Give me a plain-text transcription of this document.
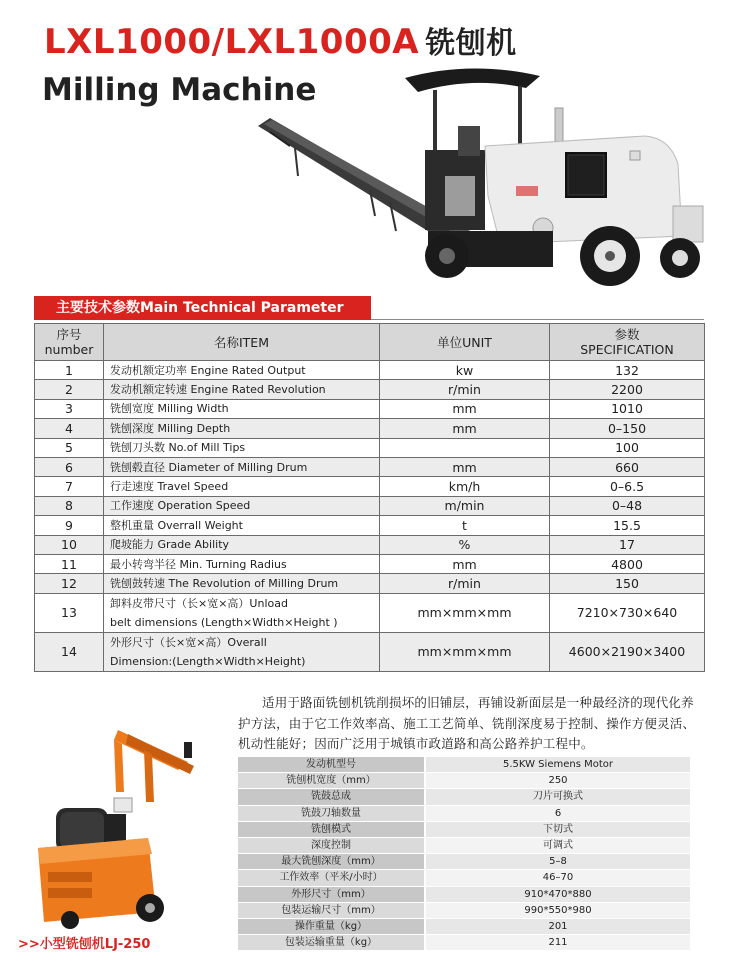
LXL1000/LXL1000A 铣刨机
Milling Machine
主要技术参数Main Technical Parameter
序号
number	名称ITEM	单位UNIT	参数
SPECIFICATION
1	发动机额定功率 Engine Rated Output	kw	132
2	发动机额定转速 Engine Rated Revolution	r/min	2200
3	铣刨宽度 Milling Width	mm	1010
4	铣刨深度 Milling Depth	mm	0–150
5	铣刨刀头数 No.of Mill Tips		100
6	铣刨毂直径 Diameter of Milling Drum	mm	660
7	行走速度 Travel Speed	km/h	0–6.5
8	工作速度 Operation Speed	m/min	0–48
9	整机重量 Overrall Weight	t	15.5
10	爬坡能力 Grade Ability	%	17
11	最小转弯半径 Min. Turning Radius	mm	4800
12	铣刨鼓转速 The Revolution of Milling Drum	r/min	150
13	卸料皮带尺寸（长×宽×高）Unload
belt dimensions (Length×Width×Height )	mm×mm×mm	7210×730×640
14	外形尺寸（长×宽×高）Overall
Dimension:(Length×Width×Height)	mm×mm×mm	4600×2190×3400
适用于路面铣刨机铣削损坏的旧铺层，再铺设新面层是一种最经济的现代化养护方法，由于它工作效率高、施工工艺简单、铣削深度易于控制、操作方便灵活、机动性能好；因而广泛用于城镇市政道路和高公路养护工程中。
发动机型号	5.5KW Siemens Motor
铣刨机宽度（mm）	250
铣鼓总成	刀片可换式
铣鼓刀轴数量	6
铣刨模式	下切式
深度控制	可调式
最大铣刨深度（mm）	5–8
工作效率（平米/小时）	46–70
外形尺寸（mm）	910*470*880
包装运输尺寸（mm）	990*550*980
操作重量（kg）	201
包装运输重量（kg）	211
>>小型铣刨机LJ-250
